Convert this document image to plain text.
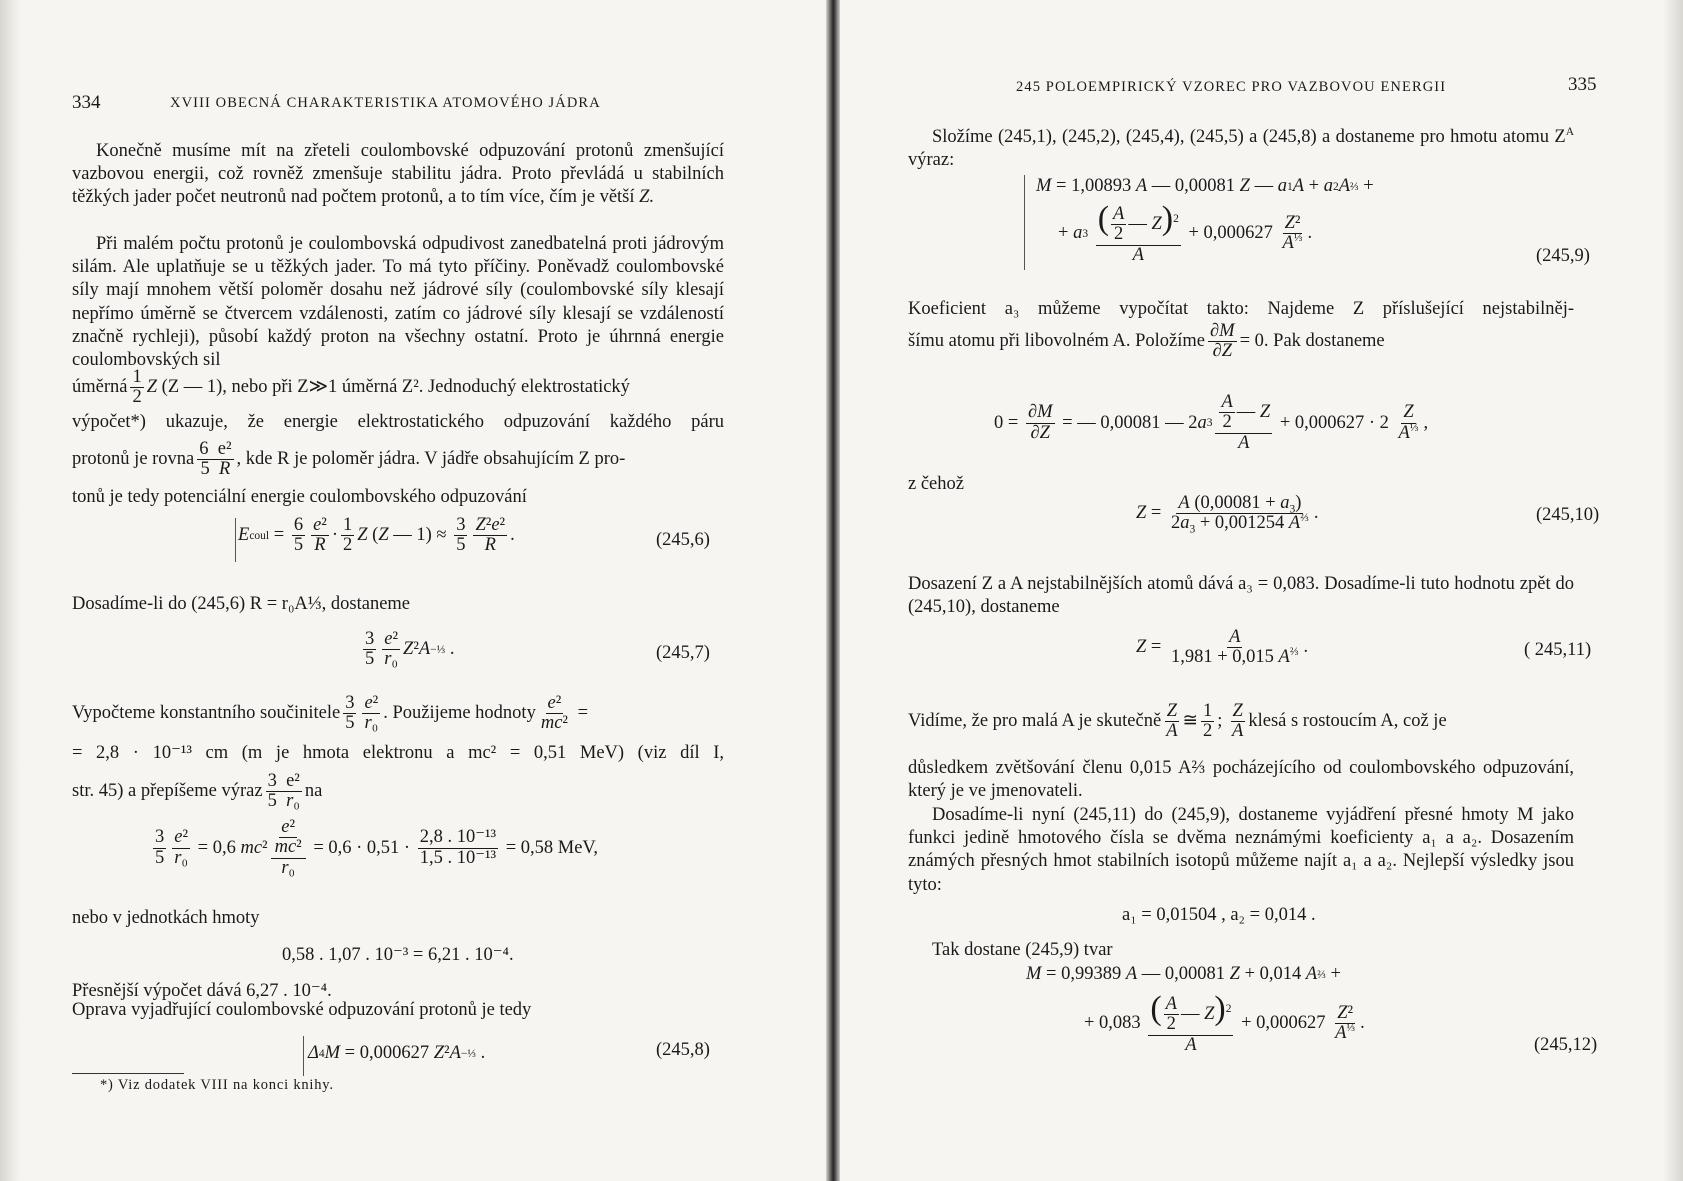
334	XVIII OBECNÁ CHARAKTERISTIKA ATOMOVÉHO JÁDRA

Konečně musíme mít na zřeteli coulombovské odpuzování protonů zmenšující vazbovou energii, což rovněž zmenšuje stabilitu jádra. Proto převládá u stabilních těžkých jader počet neutronů nad počtem protonů, a to tím více, čím je větší Z.

Při malém počtu protonů je coulombovská odpudivost zanedbatelná proti jádrovým silám. Ale uplatňuje se u těžkých jader. To má tyto příčiny. Poněvadž coulombovské síly mají mnohem větší poloměr dosahu než jádrové síly (coulombovské síly klesají nepřímo úměrně se čtvercem vzdálenosti, zatím co jádrové síly klesají se vzdáleností značně rychleji), působí každý proton na všechny ostatní. Proto je úhrnná energie coulombovských sil

úměrná $\frac{1}{2}$ Z (Z — 1), nebo při Z≫1 úměrná Z². Jednoduchý elektrostatický
výpočet*) ukazuje, že energie elektrostatického odpuzování každého páru
protonů je rovna $\frac{\text{6  e²}}{5 R}$ , kde R je poloměr jádra. V jádře obsahujícím Z pro-
tonů je tedy potenciální energie coulombovského odpuzování
E coul =
6
5
e²
R ·
1
2 Z ( Z — 1) ≈
3
5
Z²e²
R .	(245,6)
Dosadíme-li do (245,6) R = r₀A⅓, dostaneme
3
5
e²
r₀ Z ² A −⅓ .	(245,7)
Vypočteme konstantního součinitele $\frac{3}{5} \frac{\text{e²}}{\text{r₀}}$ . Použijeme hodnoty $\frac{\text{e²}}{\text{mc²}}$ =
= 2,8 · 10⁻¹³ cm (m je hmota elektronu a mc² = 0,51 MeV) (viz díl I,
str. 45) a přepíšeme výraz $\frac{\text{3  e²}}{\text{5  r₀}}$ na
3
5
e²
r₀ = 0,6 mc $^2 \frac{\text{e²}}{\text{mc²}}$
r₀
= $0,6 \cdot 0,51 \cdot \frac{\text{2,8 . 10⁻¹³}}{\text{1,5 . 10⁻¹³}}$
= 0,58 MeV,
nebo v jednotkách hmoty
0,58 . 1,07 . 10⁻³ = 6,21 . 10⁻⁴.
Přesnější výpočet dává 6,27 . 10⁻⁴.
Oprava vyjadřující coulombovské odpuzování protonů je tedy
Δ 4 M = 0,000627 Z ² A −⅓ .	(245,8)
*) Viz dodatek VIII na konci knihy.
245 POLOEMPIRICKÝ VZOREC PRO VAZBOVOU ENERGII	335

Složíme (245,1), (245,2), (245,4), (245,5) a (245,8) a dostaneme pro hmotu atomu $Z^A$ výraz:

M = 1,00893 A — 0,00081 Z — a 1 A + a 2 A ⅔ +
+ a 3
( $\frac{A}{2}$ — Z)$^2$
A
+ 0,000627
Z²
$A^{\frac{1}{3}}$ .
(245,9)
Koeficient a₃ můžeme vypočítat takto: Najdeme Z příslušející nejstabilněj-
šímu atomu při libovolném A. Položíme $\frac{\partial M}{\partial Z} = 0$. Pak dostaneme
0 =
∂M
∂Z = — 0,00081 — 2 a $3 \frac{A}{2}$ — Z
A
+ 0,000627 · 2
Z
$A^{\frac{1}{3}}$ ,
z čehož
Z =
A $(0,00081 + a_3)$
$2a_3 + 0,001254$ $A^{\frac{2}{3}}$ .	(245,10)

Dosazení Z a A nejstabilnějších atomů dává a₃ = 0,083. Dosadíme-li tuto hodnotu zpět do (245,10), dostaneme

Z =
A
1,981 + 0,015 $A^{\frac{2}{3}}$ .	( 245,11)
Vidíme, že pro malá A je skutečně $\frac{Z}{A}$ ≅ $\frac{1}{2}$ ; $\frac{Z}{A}$ klesá s rostoucím A, což je

důsledkem zvětšování členu 0,015 A⅔ pocházejícího od coulombovského odpuzování, který je ve jmenovateli.

Dosadíme-li nyní (245,11) do (245,9), dostaneme vyjádření přesné hmoty M jako funkci jedině hmotového čísla se dvěma neznámými koeficienty a₁ a a₂. Dosazením známých přesných hmot stabilních isotopů můžeme najít a₁ a a₂. Nejlepší výsledky jsou tyto:

a₁ = 0,01504 , a₂ = 0,014 .
Tak dostane (245,9) tvar
M = 0,99389 A — 0,00081 Z + 0,014 A ⅔ +
+ 0,083 ( $\frac{A}{2}$ — Z)$^2$
A
+ 0,000627
Z²
$A^{\frac{1}{3}}$ .
(245,12)
